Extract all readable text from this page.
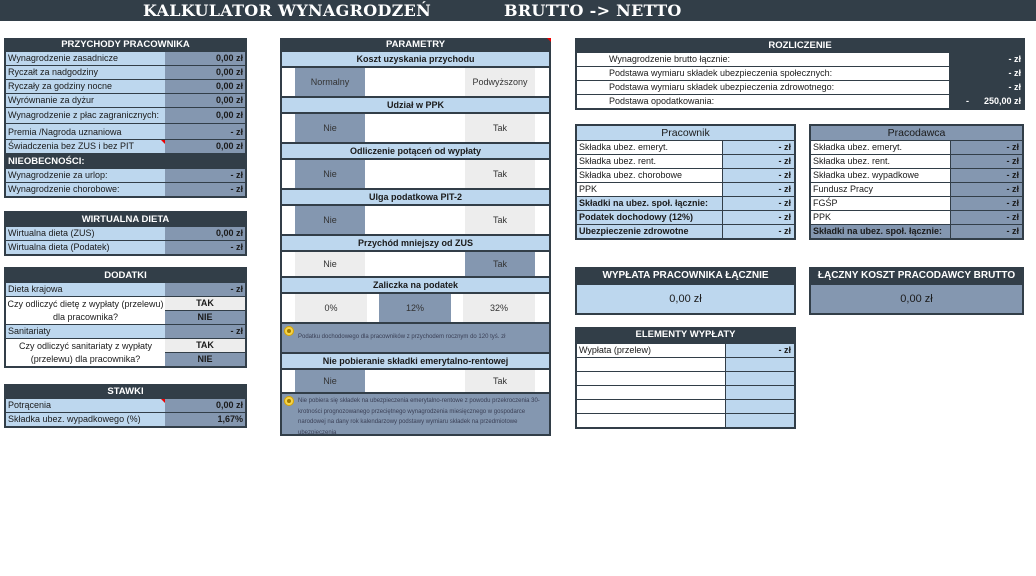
KALKULATOR WYNAGRODZEŃ	BRUTTO -> NETTO
PRZYCHODY PRACOWNIKA
Wynagrodzenie zasadnicze	0,00 zł
Ryczałt za nadgodziny	0,00 zł
Ryczały za godziny nocne	0,00 zł
Wyrównanie za dyżur	0,00 zł
Wynagrodzenie z płac zagranicznych:	0,00 zł
Premia /Nagroda uznaniowa	- zł
Świadczenia bez ZUS i bez PIT	0,00 zł
NIEOBECNOŚCI:
Wynagrodzenie za urlop:	- zł
Wynagrodzenie chorobowe:	- zł
WIRTUALNA DIETA
Wirtualna dieta (ZUS)	0,00 zł
Wirtualna dieta (Podatek)	- zł
DODATKI
Dieta krajowa	- zł
Czy odliczyć dietę z wypłaty (przelewu)
dla pracownika?
TAK
NIE
Sanitariaty	- zł
Czy odliczyć sanitariaty z wypłaty
(przelewu) dla pracownika?
TAK
NIE
STAWKI
Potrącenia	0,00 zł
Składka ubez. wypadkowego (%)	1,67%
PARAMETRY
Koszt uzyskania przychodu
Normalny	Podwyższony
Udział w PPK
Nie	Tak
Odliczenie potąceń od wypłaty
Nie	Tak
Ulga podatkowa PIT-2
Nie	Tak
Przychód mniejszy od ZUS
Nie	Tak
Zaliczka na podatek
0%	12%	32%
Podatku dochodowego dla pracowników z przychodem rocznym do 120 tyś. zł
Nie pobieranie składki emerytalno-rentowej
Nie	Tak
Nie pobiera się składek na ubezpieczenia emerytalno-rentowe z powodu przekroczenia 30-krotności prognozowanego przeciętnego wynagrodzenia miesięcznego w gospodarce narodowej na dany rok kalendarzowy podstawy wymiaru składek na przedmiotowe ubezpieczenia
ROZLICZENIE
Wynagrodzenie brutto łącznie:	- zł
Podstawa wymiaru składek ubezpieczenia społecznych:	- zł
Podstawa wymiaru składek ubezpieczenia zdrowotnego:	- zł
Podstawa opodatkowania:	-      250,00 zł
Pracownik
Składka ubez. emeryt.	- zł
Składka ubez. rent.	- zł
Składka ubez. chorobowe	- zł
PPK	- zł
Składki na ubez. społ. łącznie:	- zł
Podatek dochodowy (12%)	- zł
Ubezpieczenie zdrowotne	- zł
Pracodawca
Składka ubez. emeryt.	- zł
Składka ubez. rent.	- zł
Składka ubez. wypadkowe	- zł
Fundusz Pracy	- zł
FGŚP	- zł
PPK	- zł
Składki na ubez. społ. łącznie:	- zł
WYPŁATA PRACOWNIKA ŁĄCZNIE
0,00 zł
ŁĄCZNY KOSZT PRACODAWCY BRUTTO
0,00 zł
ELEMENTY WYPŁATY
Wypłata (przelew)	- zł
